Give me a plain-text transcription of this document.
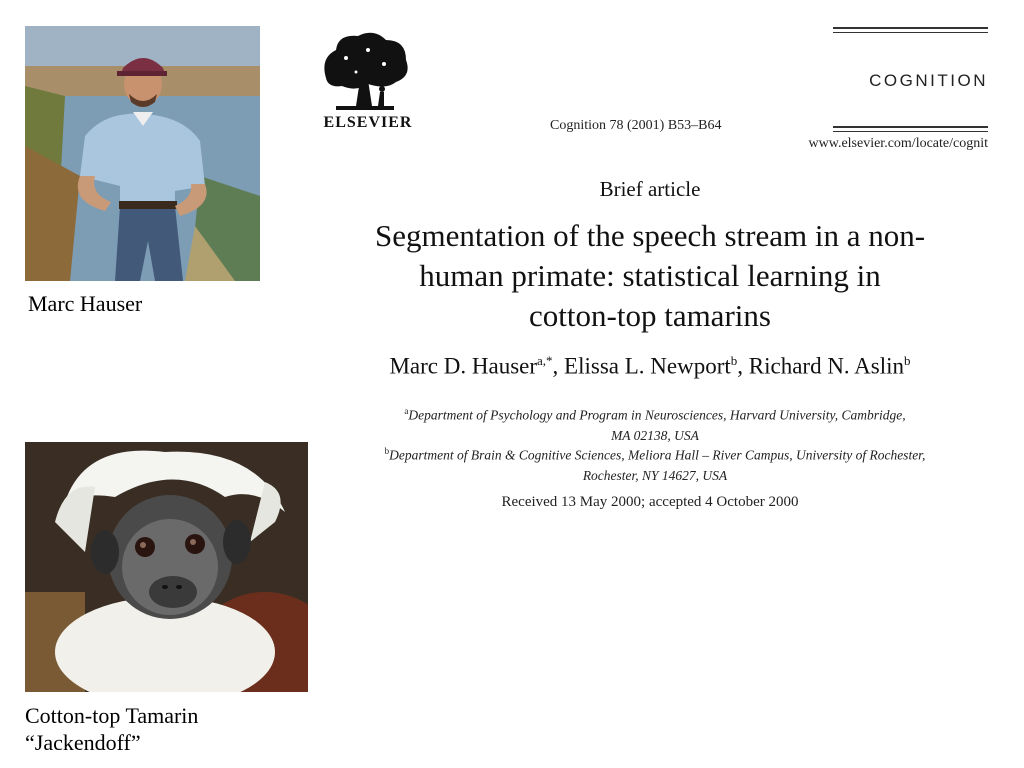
Marc Hauser
Cotton-top Tamarin
“Jackendoff”
ELSEVIER
COGNITION
Cognition 78 (2001) B53–B64
www.elsevier.com/locate/cognit
Brief article
Segmentation of the speech stream in a non-
human primate: statistical learning in
cotton-top tamarins
Marc D. Hauser$^{a,*}$, Elissa L. Newport$^b$, Richard N. Aslin$^b$
$^a$Department of Psychology and Program in Neurosciences, Harvard University, Cambridge,
MA 02138, USA
$^b$Department of Brain & Cognitive Sciences, Meliora Hall – River Campus, University of Rochester,
Rochester, NY 14627, USA
Received 13 May 2000; accepted 4 October 2000
